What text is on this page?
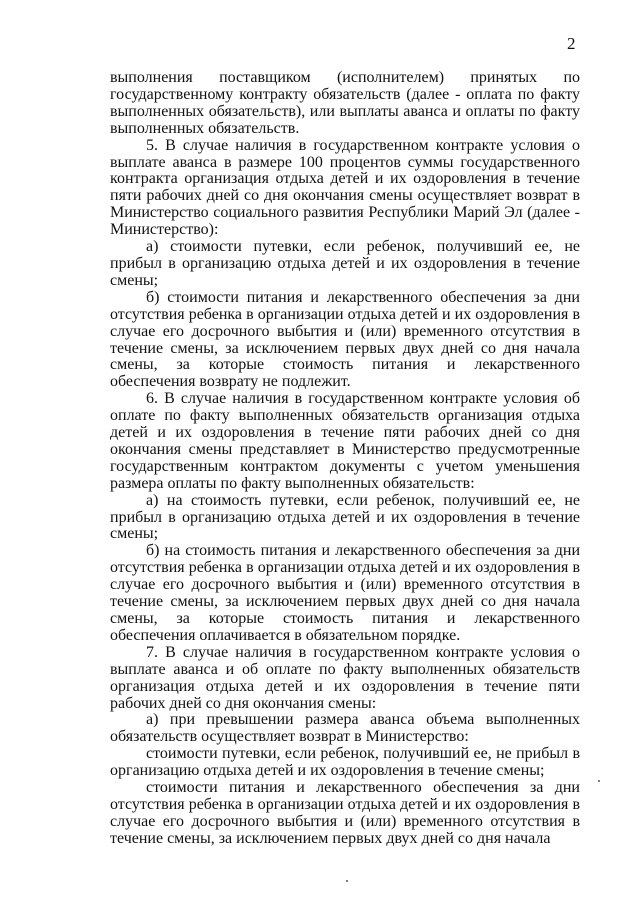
2

выполнения поставщиком (исполнителем) принятых по государственному контракту обязательств (далее - оплата по факту выполненных обязательств), или выплаты аванса и оплаты по факту выполненных обязательств.

5. В случае наличия в государственном контракте условия о выплате аванса в размере 100 процентов суммы государственного контракта организация отдыха детей и их оздоровления в течение пяти рабочих дней со дня окончания смены осуществляет возврат в Министерство социального развития Республики Марий Эл (далее - Министерство):

а) стоимости путевки, если ребенок, получивший ее, не прибыл в организацию отдыха детей и их оздоровления в течение смены;

б) стоимости питания и лекарственного обеспечения за дни отсутствия ребенка в организации отдыха детей и их оздоровления в случае его досрочного выбытия и (или) временного отсутствия в течение смены, за исключением первых двух дней со дня начала смены, за которые стоимость питания и лекарственного обеспечения возврату не подлежит.

6. В случае наличия в государственном контракте условия об оплате по факту выполненных обязательств организация отдыха детей и их оздоровления в течение пяти рабочих дней со дня окончания смены представляет в Министерство предусмотренные государственным контрактом документы с учетом уменьшения размера оплаты по факту выполненных обязательств:

а) на стоимость путевки, если ребенок, получивший ее, не прибыл в организацию отдыха детей и их оздоровления в течение смены;

б) на стоимость питания и лекарственного обеспечения за дни отсутствия ребенка в организации отдыха детей и их оздоровления в случае его досрочного выбытия и (или) временного отсутствия в течение смены, за исключением первых двух дней со дня начала смены, за которые стоимость питания и лекарственного обеспечения оплачивается в обязательном порядке.

7. В случае наличия в государственном контракте условия о выплате аванса и об оплате по факту выполненных обязательств организация отдыха детей и их оздоровления в течение пяти рабочих дней со дня окончания смены:

а) при превышении размера аванса объема выполненных обязательств осуществляет возврат в Министерство:

стоимости путевки, если ребенок, получивший ее, не прибыл в организацию отдыха детей и их оздоровления в течение смены;

стоимости питания и лекарственного обеспечения за дни отсутствия ребенка в организации отдыха детей и их оздоровления в случае его досрочного выбытия и (или) временного отсутствия в течение смены, за исключением первых двух дней со дня начала
